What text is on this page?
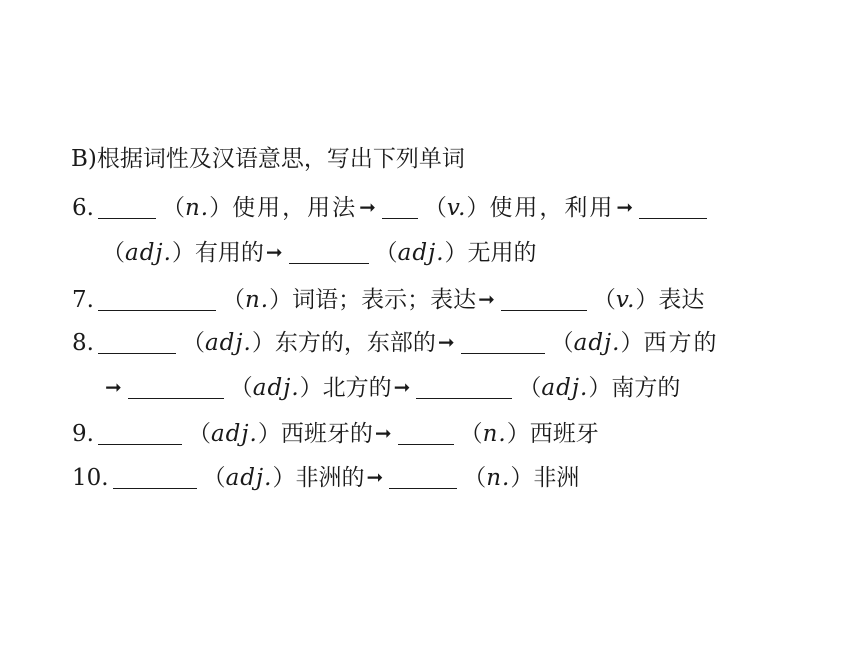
B)根据词性及汉语意思，写出下列单词
6.	（n.）使用，用法 ➞ （v.）使用，利用 ➞
（adj.）有用的 ➞	（adj.）无用的
7.	（n.）词语；表示；表达 ➞	（v.）表达
8.	（adj.）东方的，东部的 ➞	（adj.）西方的
➞	（adj.）北方的 ➞	（adj.）南方的
9.	（adj.）西班牙的 ➞	（n.）西班牙
10.	（adj.）非洲的 ➞	（n.）非洲
